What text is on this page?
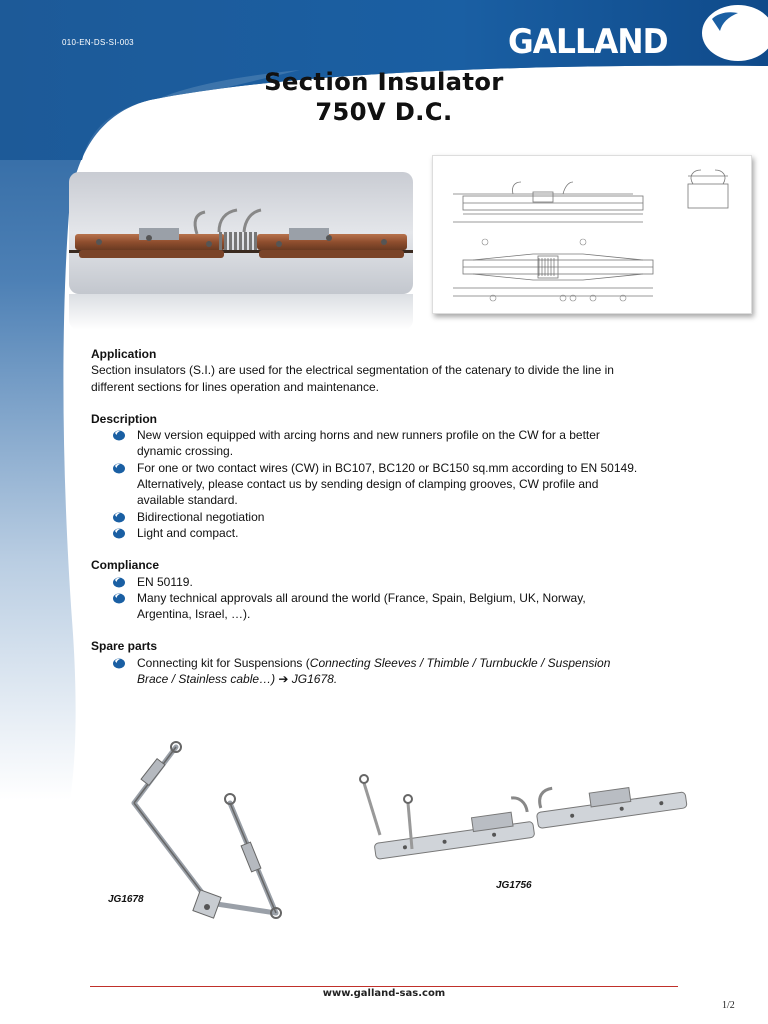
010-EN-DS-SI-003	GALLAND
Section Insulator
750V D.C.
Application
Section insulators (S.I.) are used for the electrical segmentation of the catenary to divide the line in
different sections for lines operation and maintenance.
Description
New version equipped with arcing horns and new runners profile on the CW for a better
dynamic crossing.
For one or two contact wires (CW) in BC107, BC120 or BC150 sq.mm according to EN 50149.
Alternatively, please contact us by sending design of clamping grooves, CW profile and
available standard.
Bidirectional negotiation
Light and compact.
Compliance
EN 50119.
Many technical approvals all around the world (France, Spain, Belgium, UK, Norway,
Argentina, Israel, …).
Spare parts
Connecting kit for Suspensions (Connecting Sleeves / Thimble / Turnbuckle / Suspension
Brace / Stainless cable…) ➔ JG1678.
JG1678
JG1756
www.galland-sas.com
1/2
